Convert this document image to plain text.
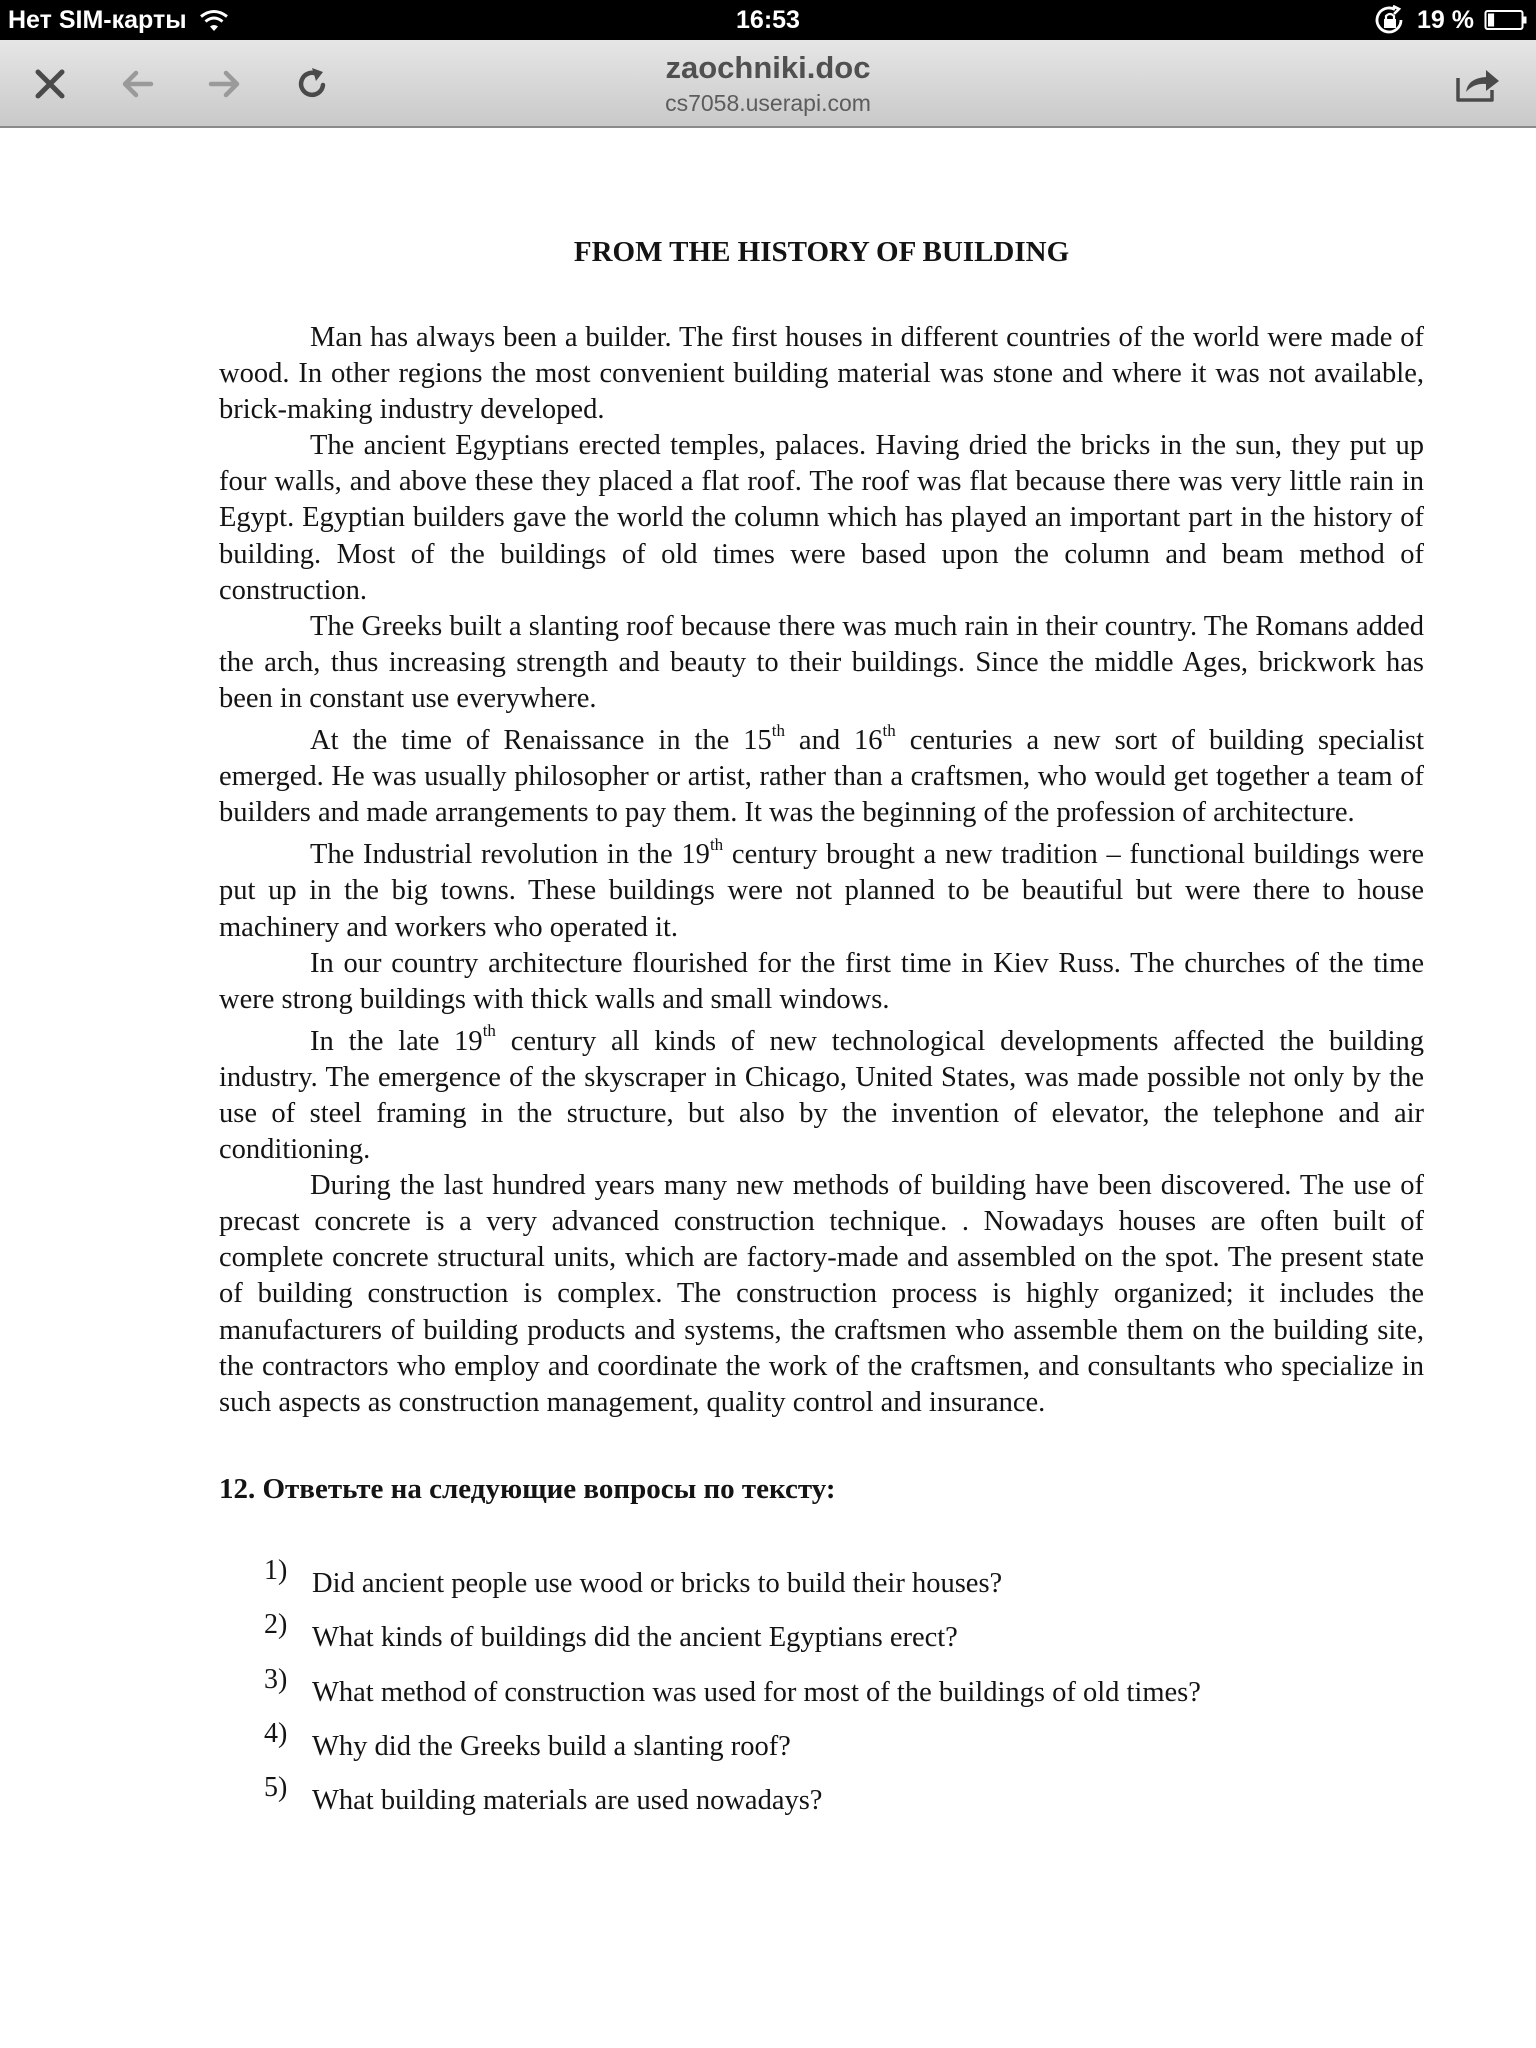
Нет SIM-карты	16:53	19 %
zaochniki.doc
cs7058.userapi.com
FROM THE HISTORY OF BUILDING

Man has always been a builder. The first houses in different countries of the world were made of wood. In other regions the most convenient building material was stone and where it was not available, brick-making industry developed.

The ancient Egyptians erected temples, palaces. Having dried the bricks in the sun, they put up four walls, and above these they placed a flat roof. The roof was flat because there was very little rain in Egypt. Egyptian builders gave the world the column which has played an important part in the history of building. Most of the buildings of old times were based upon the column and beam method of construction.

The Greeks built a slanting roof because there was much rain in their country. The Romans added the arch, thus increasing strength and beauty to their buildings. Since the middle Ages, brickwork has been in constant use everywhere.

At the time of Renaissance in the 15th and 16th centuries a new sort of building specialist emerged. He was usually philosopher or artist, rather than a craftsmen, who would get together a team of builders and made arrangements to pay them. It was the beginning of the profession of architecture.

The Industrial revolution in the 19th century brought a new tradition – functional buildings were put up in the big towns. These buildings were not planned to be beautiful but were there to house machinery and workers who operated it.

In our country architecture flourished for the first time in Kiev Russ. The churches of the time were strong buildings with thick walls and small windows.

In the late 19th century all kinds of new technological developments affected the building industry. The emergence of the skyscraper in Chicago, United States, was made possible not only by the use of steel framing in the structure, but also by the invention of elevator, the telephone and air conditioning.

During the last hundred years many new methods of building have been discovered. The use of precast concrete is a very advanced construction technique. . Nowadays houses are often built of complete concrete structural units, which are factory-made and assembled on the spot. The present state of building construction is complex. The construction process is highly organized; it includes the manufacturers of building products and systems, the craftsmen who assemble them on the building site, the contractors who employ and coordinate the work of the craftsmen, and consultants who specialize in such aspects as construction management, quality control and insurance.

12. Ответьте на следующие вопросы по тексту:
1) Did ancient people use wood or bricks to build their houses?
2) What kinds of buildings did the ancient Egyptians erect?
3) What method of construction was used for most of the buildings of old times?
4) Why did the Greeks build a slanting roof?
5) What building materials are used nowadays?
